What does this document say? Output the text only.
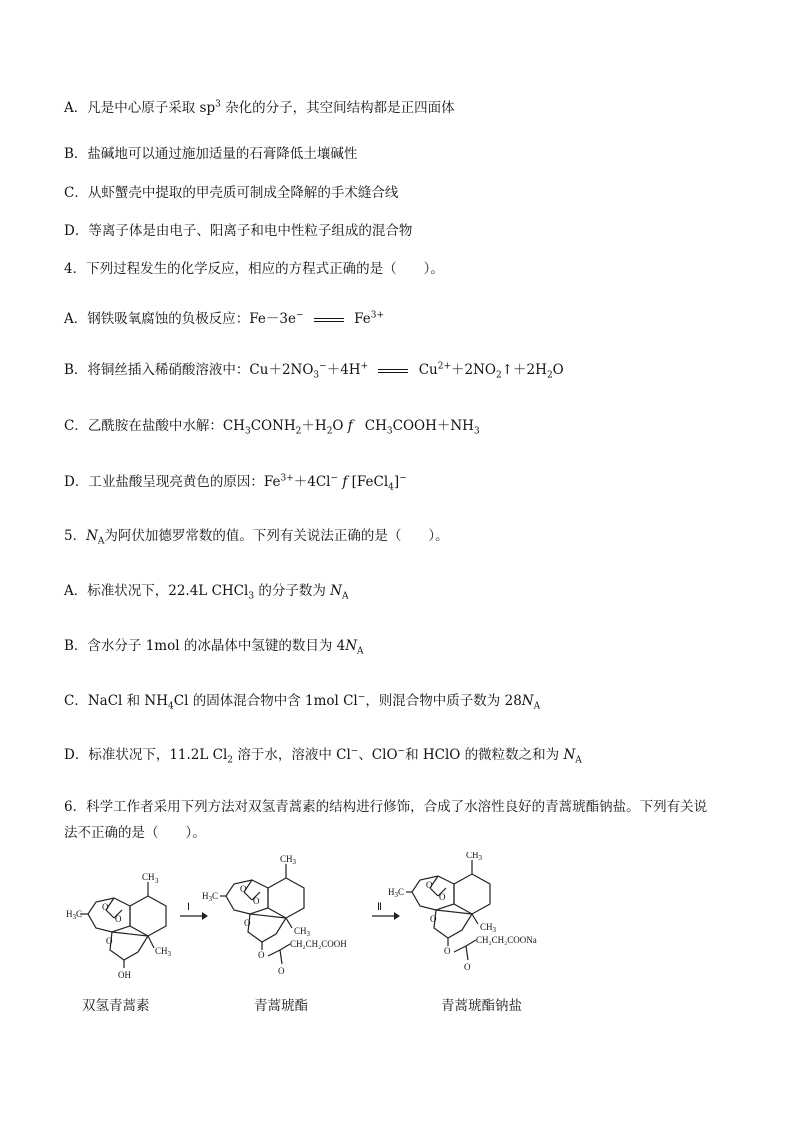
A．凡是中心原子采取 $sp^3$ 杂化的分子，其空间结构都是正四面体
B．盐碱地可以通过施加适量的石膏降低土壤碱性
C．从虾蟹壳中提取的甲壳质可制成全降解的手术缝合线
D．等离子体是由电子、阳离子和电中性粒子组成的混合物
4．下列过程发生的化学反应，相应的方程式正确的是（　　）。
A．钢铁吸氧腐蚀的负极反应：Fe－3e−	$Fe^{3+}$
B．将铜丝插入稀硝酸溶液中：$Cu+2NO_3^-+4H^+$	$Cu^{2+}+2NO_2↑+2H_2O$
C．乙酰胺在盐酸中水解：$CH_3CONH_2+H_2O$ f $CH_3COOH+NH_3$
D．工业盐酸呈现亮黄色的原因：$Fe^{3+}+4Cl^-$ f [FeCl$_4$]−
5．$N_A$为阿伏加德罗常数的值。下列有关说法正确的是（　　）。
A．标准状况下，22.4L CHCl$_3$ 的分子数为 $N_A$
B．含水分子 1mol 的冰晶体中氢键的数目为 $4N_A$
C．NaCl 和 $NH_4Cl$ 的固体混合物中含 1mol Cl−，则混合物中质子数为 $28N_A$
D．标准状况下，11.2L $Cl_2$ 溶于水，溶液中 Cl−、ClO−和 HClO 的微粒数之和为 $N_A$
6．科学工作者采用下列方法对双氢青蒿素的结构进行修饰，合成了水溶性良好的青蒿琥酯钠盐。下列有关说
法不正确的是（　　）。
CH 3
O
O
$H_3C$
O
$CH_3$
OH
Ⅰ
$CH_3$
O
O
$H_3C$
O
$CH_3$
O
O
CH₂CH₂COOH
Ⅱ
$CH_3$
O
O
$H_3C$
O
$CH_3$
O
O
CH₂CH₂COONa
双氢青蒿素	青蒿琥酯	青蒿琥酯钠盐
